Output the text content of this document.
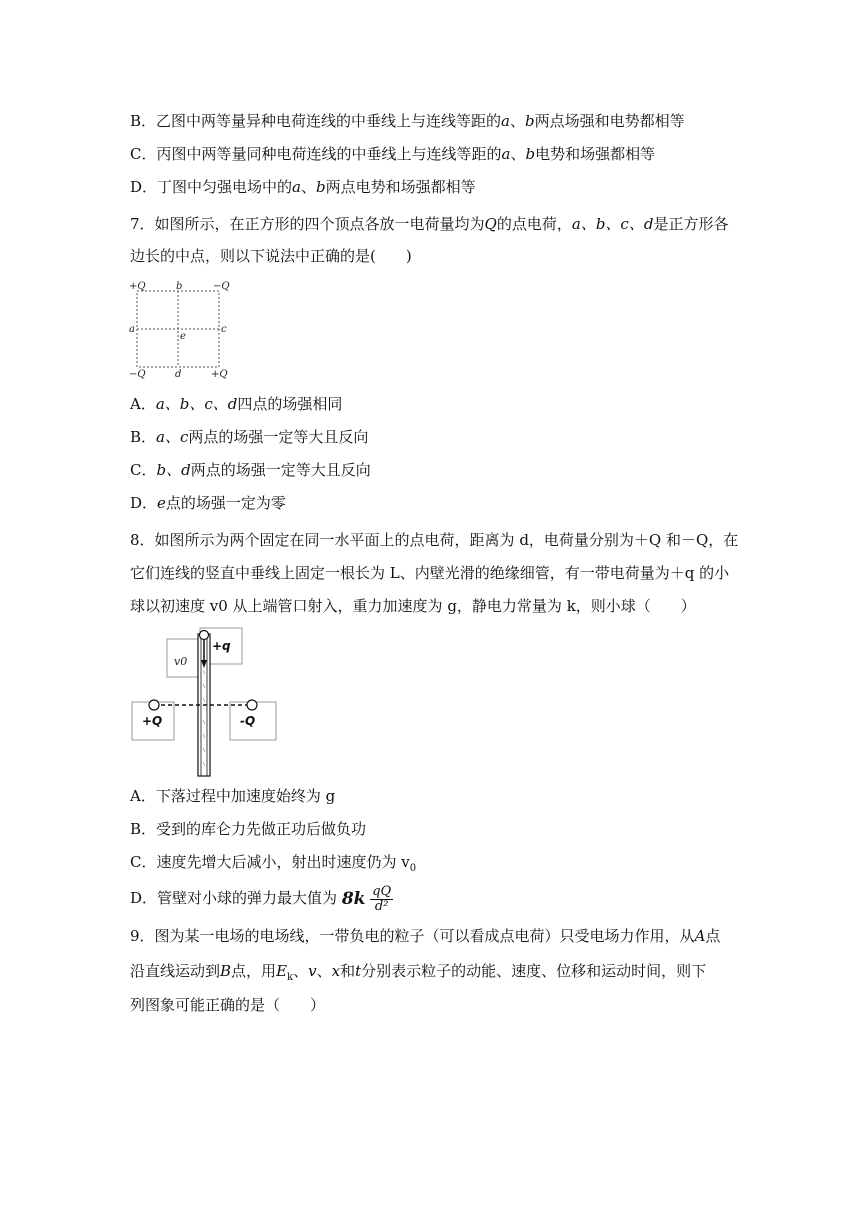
B．乙图中两等量异种电荷连线的中垂线上与连线等距的a、b两点场强和电势都相等
C．丙图中两等量同种电荷连线的中垂线上与连线等距的a、b电势和场强都相等
D．丁图中匀强电场中的a、b两点电势和场强都相等
7．如图所示，在正方形的四个顶点各放一电荷量均为Q的点电荷，a、b、c、d是正方形各
边长的中点，则以下说法中正确的是(　　)
+Q	b	−Q
a
e
c
−Q	d	+Q
A．a、b、c、d四点的场强相同
B．a、c两点的场强一定等大且反向
C．b、d两点的场强一定等大且反向
D．e点的场强一定为零
8．如图所示为两个固定在同一水平面上的点电荷，距离为 d，电荷量分别为＋Q 和－Q，在
它们连线的竖直中垂线上固定一根长为 L、内壁光滑的绝缘细管，有一带电荷量为＋q 的小
球以初速度 v0 从上端管口射入，重力加速度为 g，静电力常量为 k，则小球（　　）
+q
v0
+Q	-Q
A．下落过程中加速度始终为 g
B．受到的库仑力先做正功后做负功
C．速度先增大后减小，射出时速度仍为 $v_0$
D．管壁对小球的弹力最大值为 $8k \frac{qQ}{\text{d²}}$
9．图为某一电场的电场线，一带负电的粒子（可以看成点电荷）只受电场力作用，从A点
沿直线运动到B点，用$E_k$、v、x和t分别表示粒子的动能、速度、位移和运动时间，则下
列图象可能正确的是（　　）
